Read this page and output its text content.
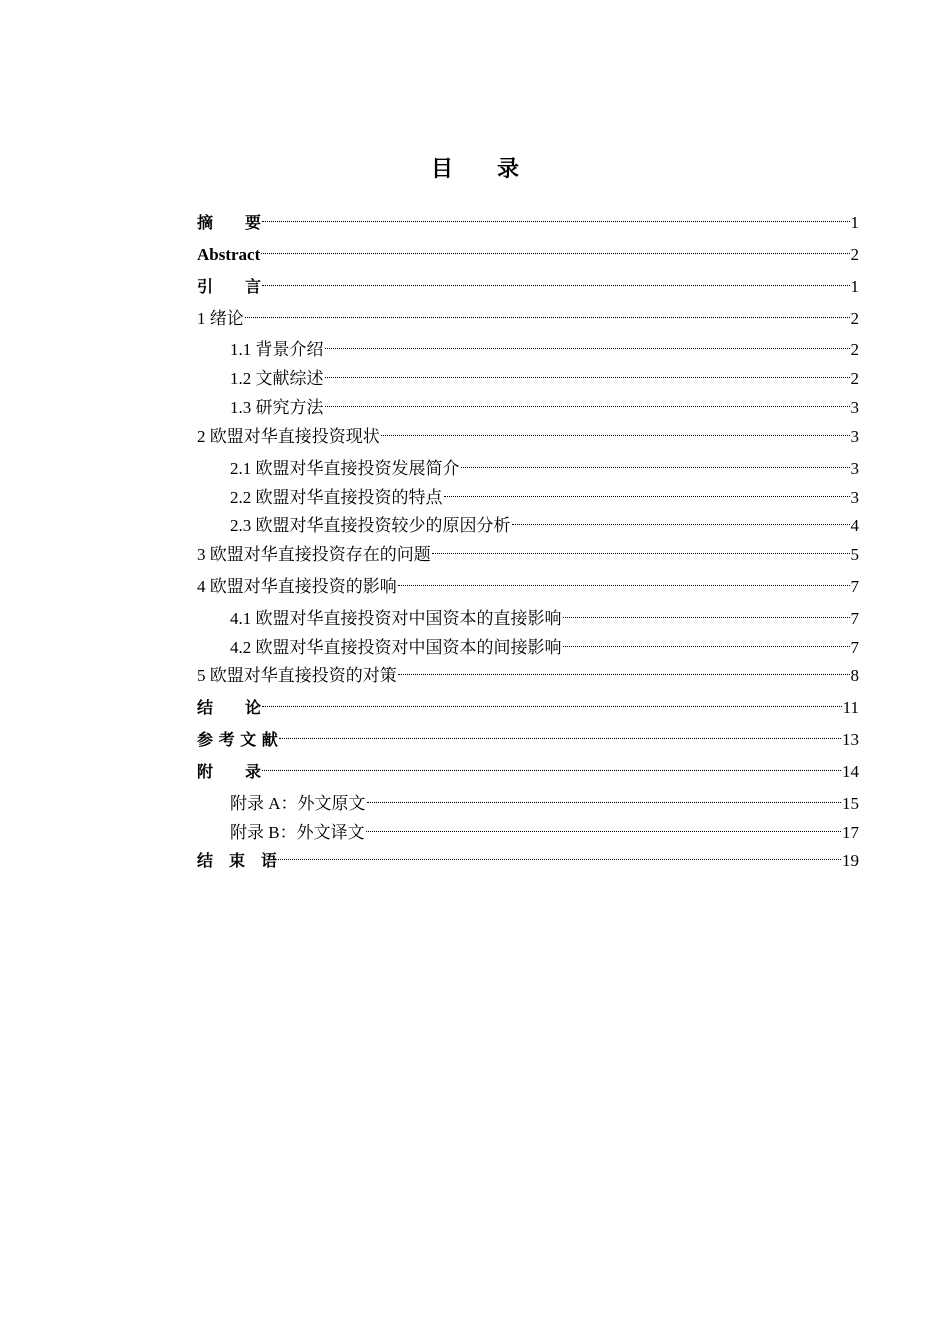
目　　录
摘　　要	1
Abstract	2
引　　言	1
1 绪论	2
1.1 背景介绍	2
1.2 文献综述	2
1.3 研究方法	3
2 欧盟对华直接投资现状	3
2.1 欧盟对华直接投资发展简介	3
2.2 欧盟对华直接投资的特点	3
2.3 欧盟对华直接投资较少的原因分析	4
3 欧盟对华直接投资存在的问题	5
4 欧盟对华直接投资的影响	7
4.1 欧盟对华直接投资对中国资本的直接影响	7
4.2 欧盟对华直接投资对中国资本的间接影响	7
5 欧盟对华直接投资的对策	8
结　　论	11
参 考 文 献	13
附　　录	14
附录 A：外文原文	15
附录 B：外文译文	17
结　束　语	19
